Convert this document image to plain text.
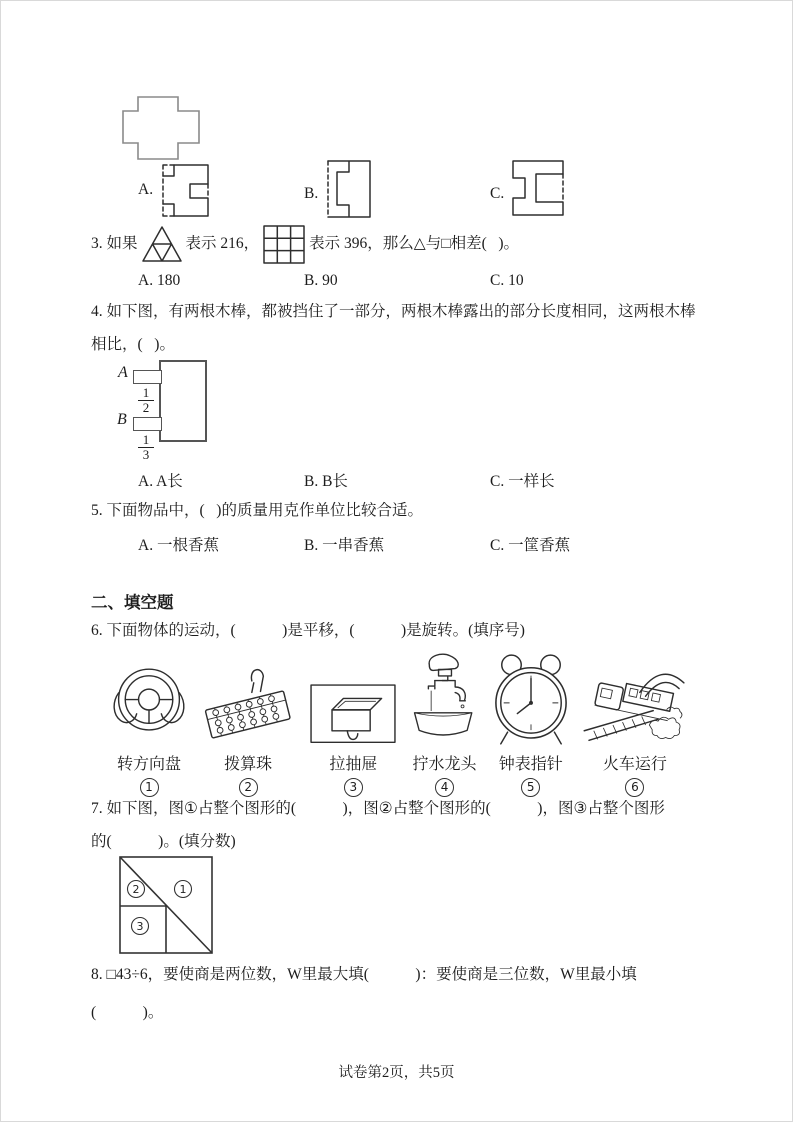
A.	B.	C.
3. 如果	表示 216，	表示 396，那么△与□相差(   )。
A. 180	B. 90	C. 10
4. 如下图，有两根木棒，都被挡住了一部分，两根木棒露出的部分长度相同，这两根木棒
相比，(   )。
A
$\frac{1}{2}$
B
$\frac{1}{3}$
A. A长	B. B长	C. 一样长
5. 下面物品中，(   )的质量用克作单位比较合适。
A. 一根香蕉	B. 一串香蕉	C. 一筐香蕉
二、填空题
6. 下面物体的运动，(            )是平移，(            )是旋转。(填序号)
转方向盘
1
拨算珠
2
拉抽屉
3
拧水龙头
4
钟表指针
5
火车运行
6
7. 如下图，图①占整个图形的(            )，图②占整个图形的(            )，图③占整个图形
的(            )。(填分数)
1
2
3
8. □43÷6，要使商是两位数，W里最大填(            )：要使商是三位数，W里最小填
(            )。
试卷第2页，共5页
